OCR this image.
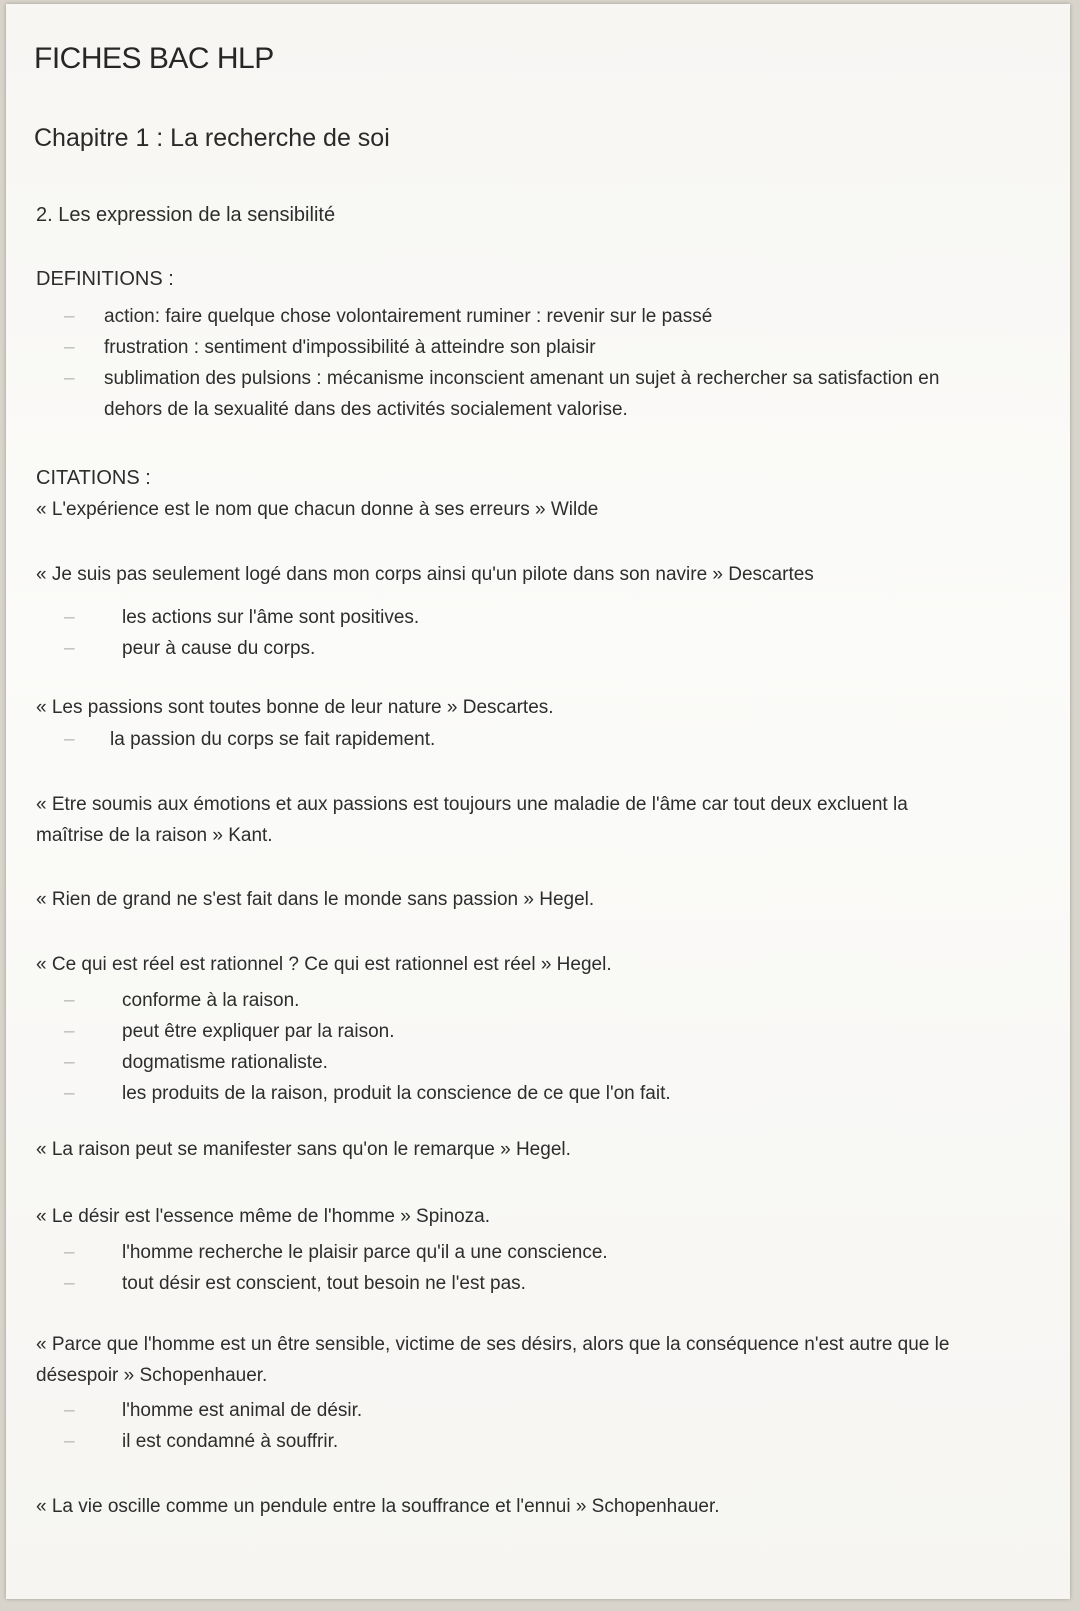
FICHES BAC HLP
Chapitre 1 : La recherche de soi
2. Les expression de la sensibilité
DEFINITIONS :
– action: faire quelque chose volontairement ruminer : revenir sur le passé
– frustration : sentiment d'impossibilité à atteindre son plaisir
– sublimation des pulsions : mécanisme inconscient amenant un sujet à rechercher sa satisfaction en dehors de la sexualité dans des activités socialement valorise.
CITATIONS :
« L'expérience est le nom que chacun donne à ses erreurs » Wilde
« Je suis pas seulement logé dans mon corps ainsi qu'un pilote dans son navire » Descartes
– les actions sur l'âme sont positives.
– peur à cause du corps.
« Les passions sont toutes bonne de leur nature » Descartes.
– la passion du corps se fait rapidement.
« Etre soumis aux émotions et aux passions est toujours une maladie de l'âme car tout deux excluent la maîtrise de la raison » Kant.
« Rien de grand ne s'est fait dans le monde sans passion » Hegel.
« Ce qui est réel est rationnel ? Ce qui est rationnel est réel » Hegel.
– conforme à la raison.
– peut être expliquer par la raison.
– dogmatisme rationaliste.
– les produits de la raison, produit la conscience de ce que l'on fait.
« La raison peut se manifester sans qu'on le remarque » Hegel.
« Le désir est l'essence même de l'homme » Spinoza.
– l'homme recherche le plaisir parce qu'il a une conscience.
– tout désir est conscient, tout besoin ne l'est pas.
« Parce que l'homme est un être sensible, victime de ses désirs, alors que la conséquence n'est autre que le désespoir » Schopenhauer.
– l'homme est animal de désir.
– il est condamné à souffrir.
« La vie oscille comme un pendule entre la souffrance et l'ennui » Schopenhauer.
